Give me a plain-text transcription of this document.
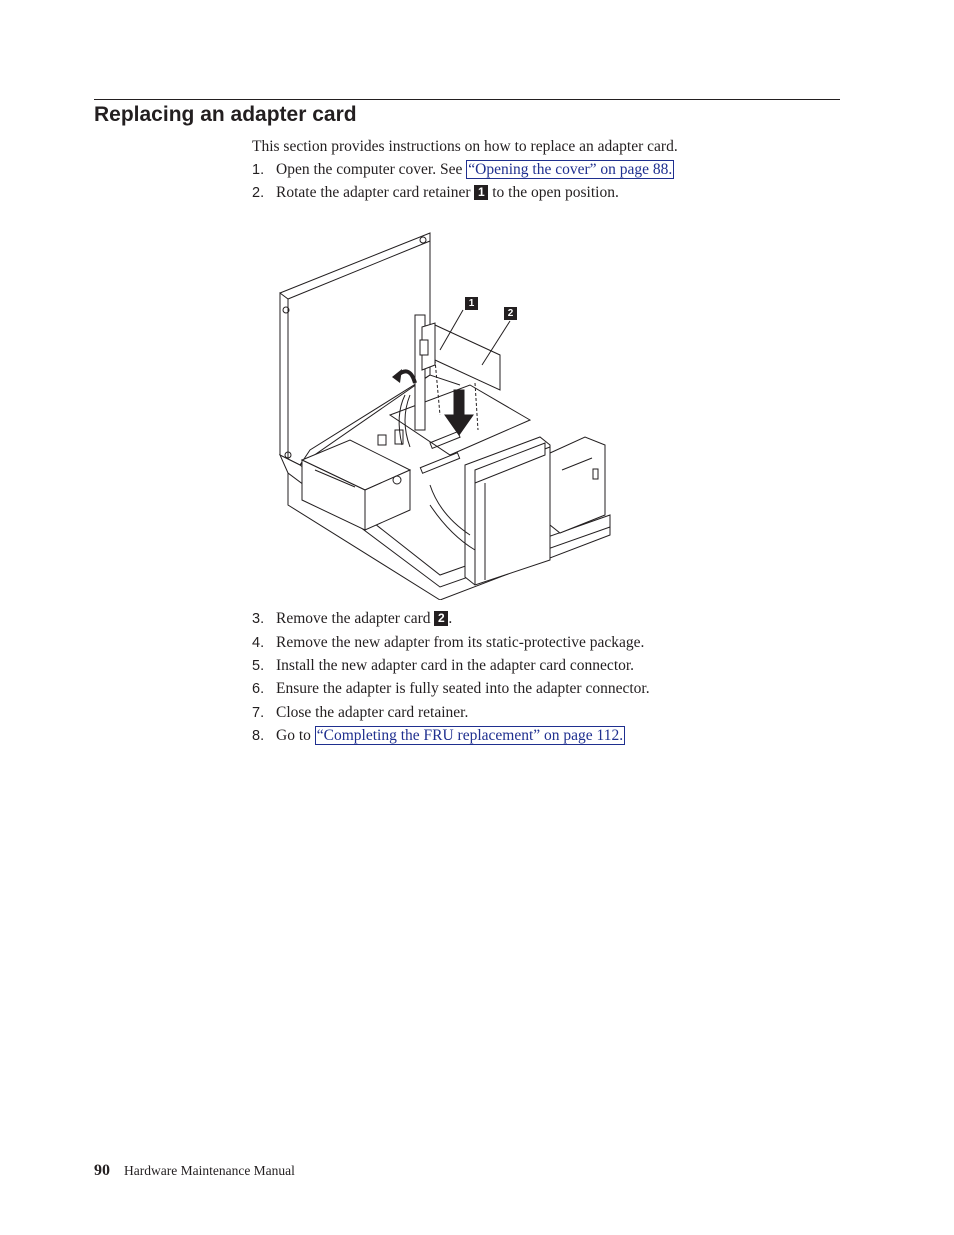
Replacing an adapter card

This section provides instructions on how to replace an adapter card.

1. Open the computer cover. See “Opening the cover” on page 88.
2. Rotate the adapter card retainer 1 to the open position.
1
2
3. Remove the adapter card 2 .
4. Remove the new adapter from its static-protective package.
5. Install the new adapter card in the adapter card connector.
6. Ensure the adapter is fully seated into the adapter connector.
7. Close the adapter card retainer.
8. Go to “Completing the FRU replacement” on page 112.
90 Hardware Maintenance Manual
